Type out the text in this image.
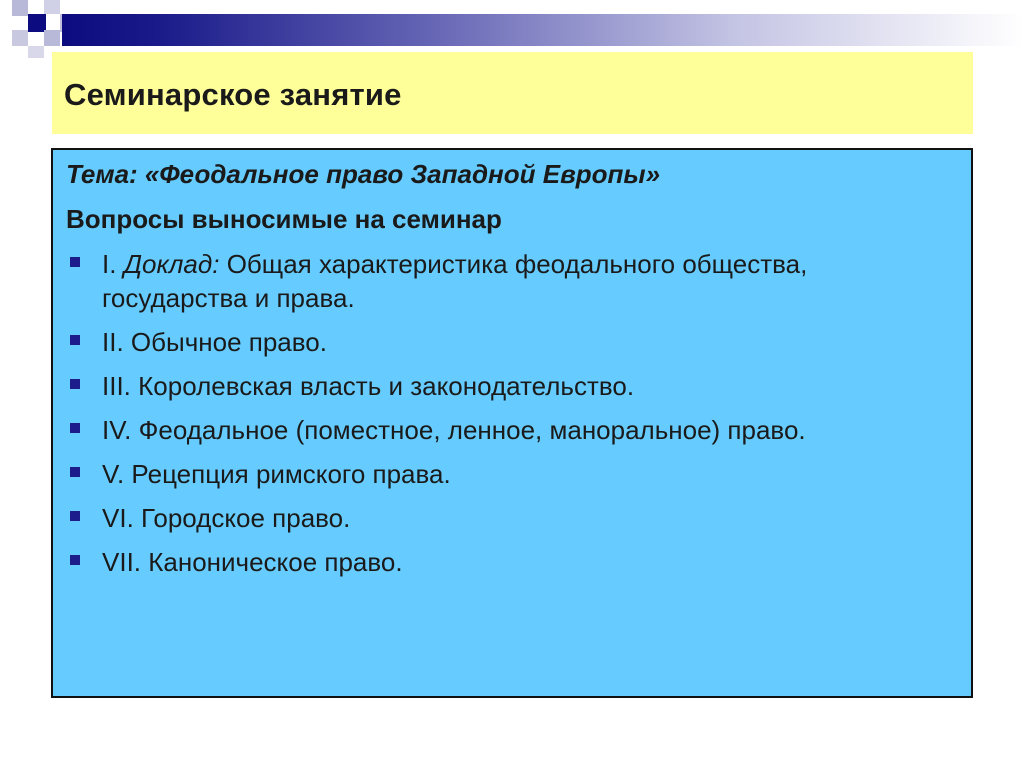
Семинарское занятие

Тема: «Феодальное право Западной Европы»

Вопросы выносимые на семинар

I. Доклад: Общая характеристика феодального общества, государства и права.
II. Обычное право.
III. Королевская власть и законодательство.
IV. Феодальное (поместное, ленное, маноральное) право.
V. Рецепция римского права.
VI. Городское право.
VII. Каноническое право.
